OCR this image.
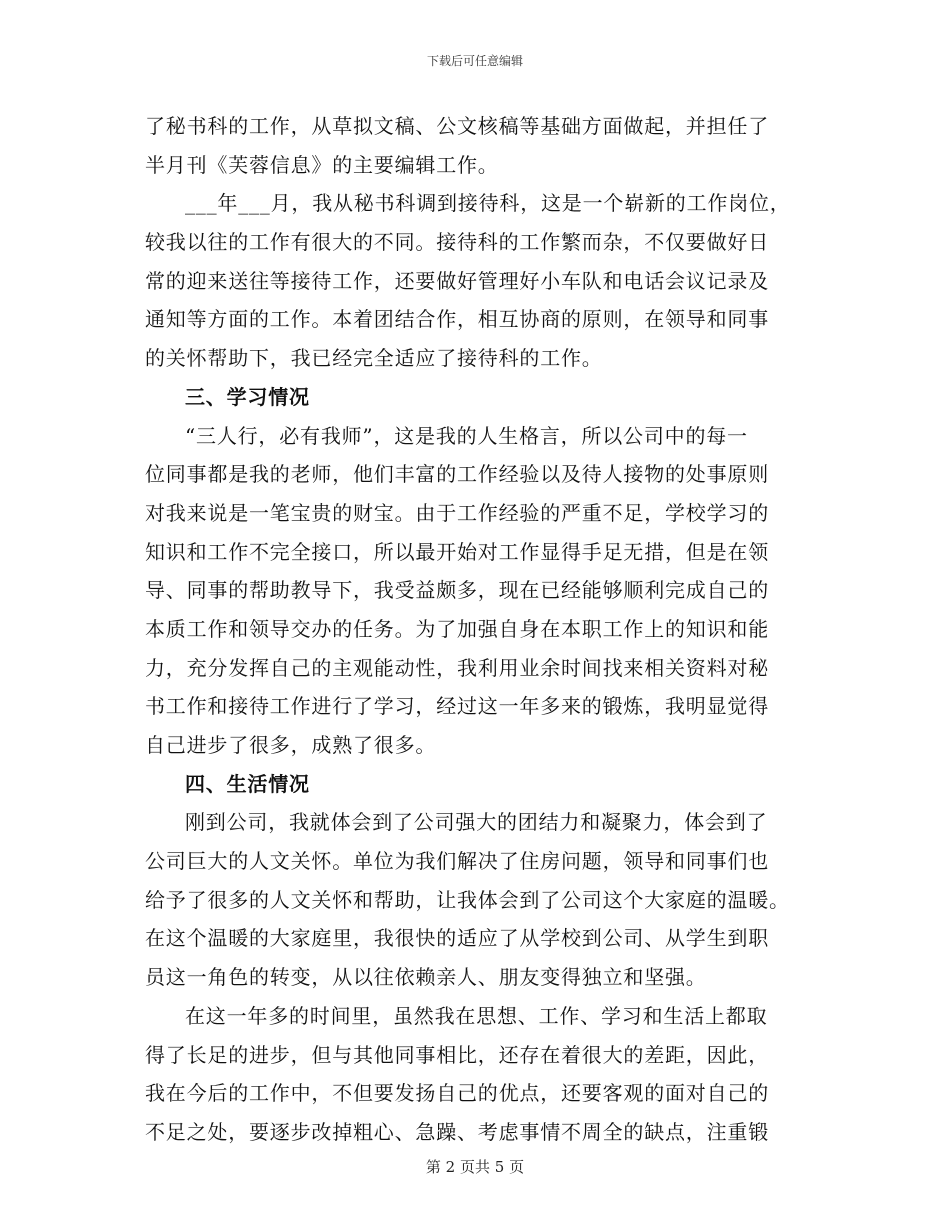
下载后可任意编辑
了秘书科的工作，从草拟文稿、公文核稿等基础方面做起，并担任了
半月刊《芙蓉信息》的主要编辑工作。
___年___月，我从秘书科调到接待科，这是一个崭新的工作岗位，
较我以往的工作有很大的不同。接待科的工作繁而杂，不仅要做好日
常的迎来送往等接待工作，还要做好管理好小车队和电话会议记录及
通知等方面的工作。本着团结合作，相互协商的原则，在领导和同事
的关怀帮助下，我已经完全适应了接待科的工作。
三、学习情况
“三人行，必有我师”，这是我的人生格言，所以公司中的每一
位同事都是我的老师，他们丰富的工作经验以及待人接物的处事原则
对我来说是一笔宝贵的财宝。由于工作经验的严重不足，学校学习的
知识和工作不完全接口，所以最开始对工作显得手足无措，但是在领
导、同事的帮助教导下，我受益颇多，现在已经能够顺利完成自己的
本质工作和领导交办的任务。为了加强自身在本职工作上的知识和能
力，充分发挥自己的主观能动性，我利用业余时间找来相关资料对秘
书工作和接待工作进行了学习，经过这一年多来的锻炼，我明显觉得
自己进步了很多，成熟了很多。
四、生活情况
刚到公司，我就体会到了公司强大的团结力和凝聚力，体会到了
公司巨大的人文关怀。单位为我们解决了住房问题，领导和同事们也
给予了很多的人文关怀和帮助，让我体会到了公司这个大家庭的温暖。
在这个温暖的大家庭里，我很快的适应了从学校到公司、从学生到职
员这一角色的转变，从以往依赖亲人、朋友变得独立和坚强。
在这一年多的时间里，虽然我在思想、工作、学习和生活上都取
得了长足的进步，但与其他同事相比，还存在着很大的差距，因此，
我在今后的工作中，不但要发扬自己的优点，还要客观的面对自己的
不足之处，要逐步改掉粗心、急躁、考虑事情不周全的缺点，注重锻
第 2 页共 5 页
